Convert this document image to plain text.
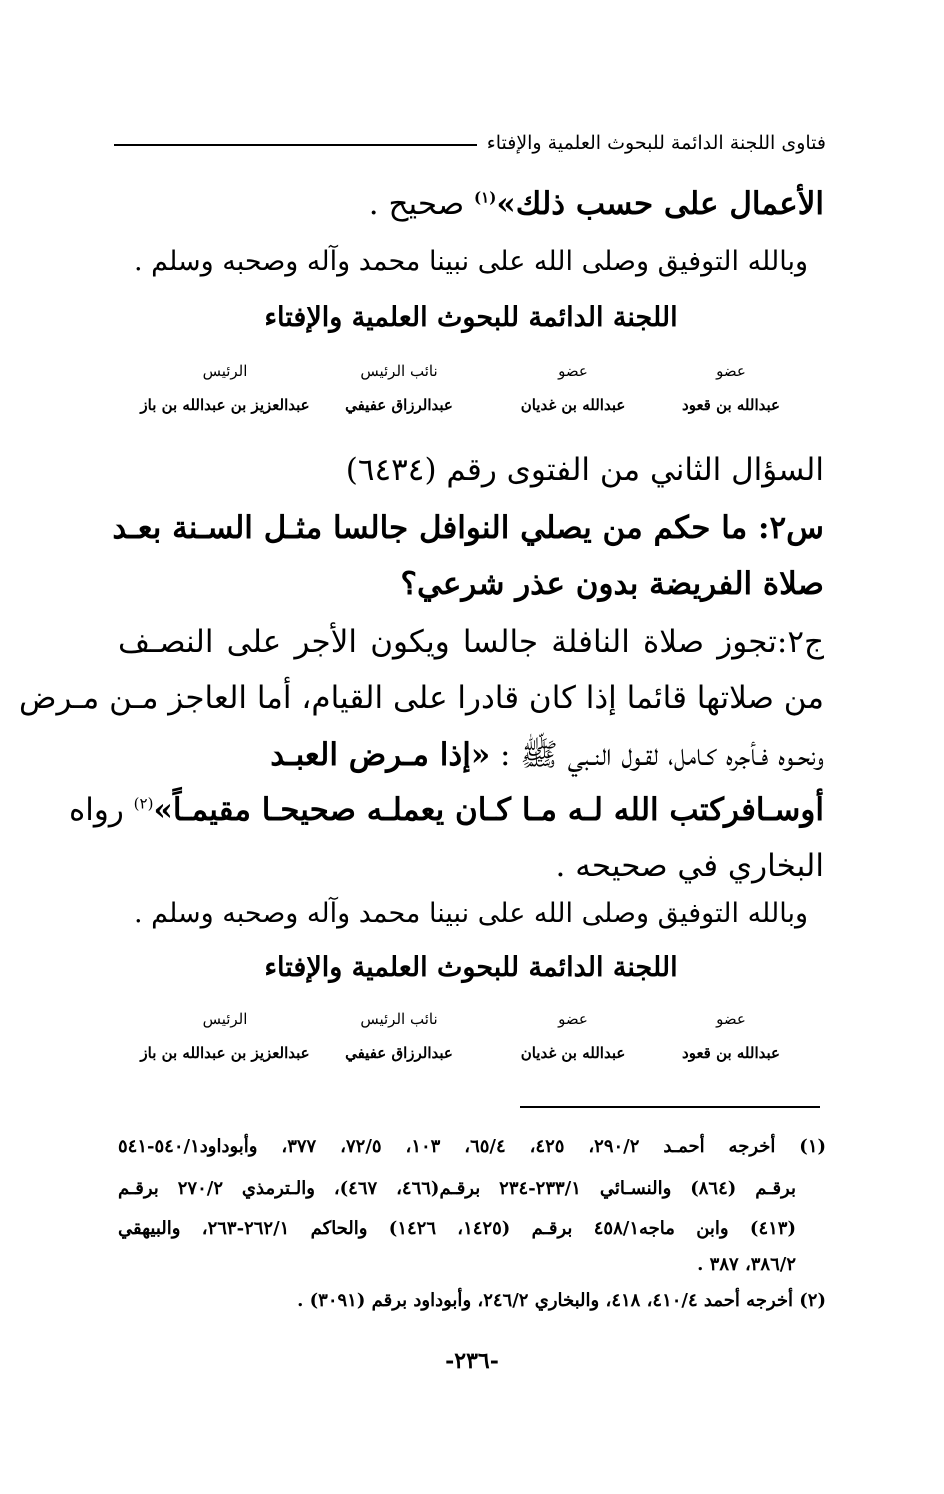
فتاوى اللجنة الدائمة للبحوث العلمية والإفتاء
الأعمال على حسب ذلك»$^{(١)}$ صحيح .
وبالله التوفيق وصلى الله على نبينا محمد وآله وصحبه وسلم .
اللجنة الدائمة للبحوث العلمية والإفتاء
عضو
عبدالله بن قعود
عضو
عبدالله بن غديان
نائب الرئيس
عبدالرزاق عفيفي
الرئيس
عبدالعزيز بن عبدالله بن باز
السؤال الثاني من الفتوى رقم (٦٤٣٤)
س٢: ما حكم من يصلي النوافل جالسا مثـل السـنة بعـد
صلاة الفريضة بدون عذر شرعي؟
ج٢:تجوز صلاة النافلة جالسا ويكون الأجر على النصـف
من صلاتها قائما إذا كان قادرا على القيام، أما العاجز مـن مـرض
ونحـوه فـأجره كـامل، لقـول النـبي ﷺ : «إذا مـرض العبـد
أوسـافركتب الله لـه مـا كـان يعملـه صحيحـا مقيمـاً»$^{(٢)}$ رواه
البخاري في صحيحه .
وبالله التوفيق وصلى الله على نبينا محمد وآله وصحبه وسلم .
اللجنة الدائمة للبحوث العلمية والإفتاء
عضو
عبدالله بن قعود
عضو
عبدالله بن غديان
نائب الرئيس
عبدالرزاق عفيفي
الرئيس
عبدالعزيز بن عبدالله بن باز
(١) أخرجه أحمـد ٢٩٠/٢، ٤٢٥، ٦٥/٤، ١٠٣، ٧٢/٥، ٣٧٧، وأبوداود٥٤٠/١-٥٤١
برقـم (٨٦٤) والنسـائي ٢٣٣/١-٢٣٤ برقـم(٤٦٦، ٤٦٧)، والـترمذي ٢٧٠/٢ برقـم
(٤١٣) وابن ماجه٤٥٨/١ برقـم (١٤٢٥، ١٤٢٦) والحاكم ٢٦٢/١-٢٦٣، والبيهقي
٣٨٦/٢، ٣٨٧ .
(٢) أخرجه أحمد ٤١٠/٤، ٤١٨، والبخاري ٢٤٦/٢، وأبوداود برقم (٣٠٩١) .
-٢٣٦-
